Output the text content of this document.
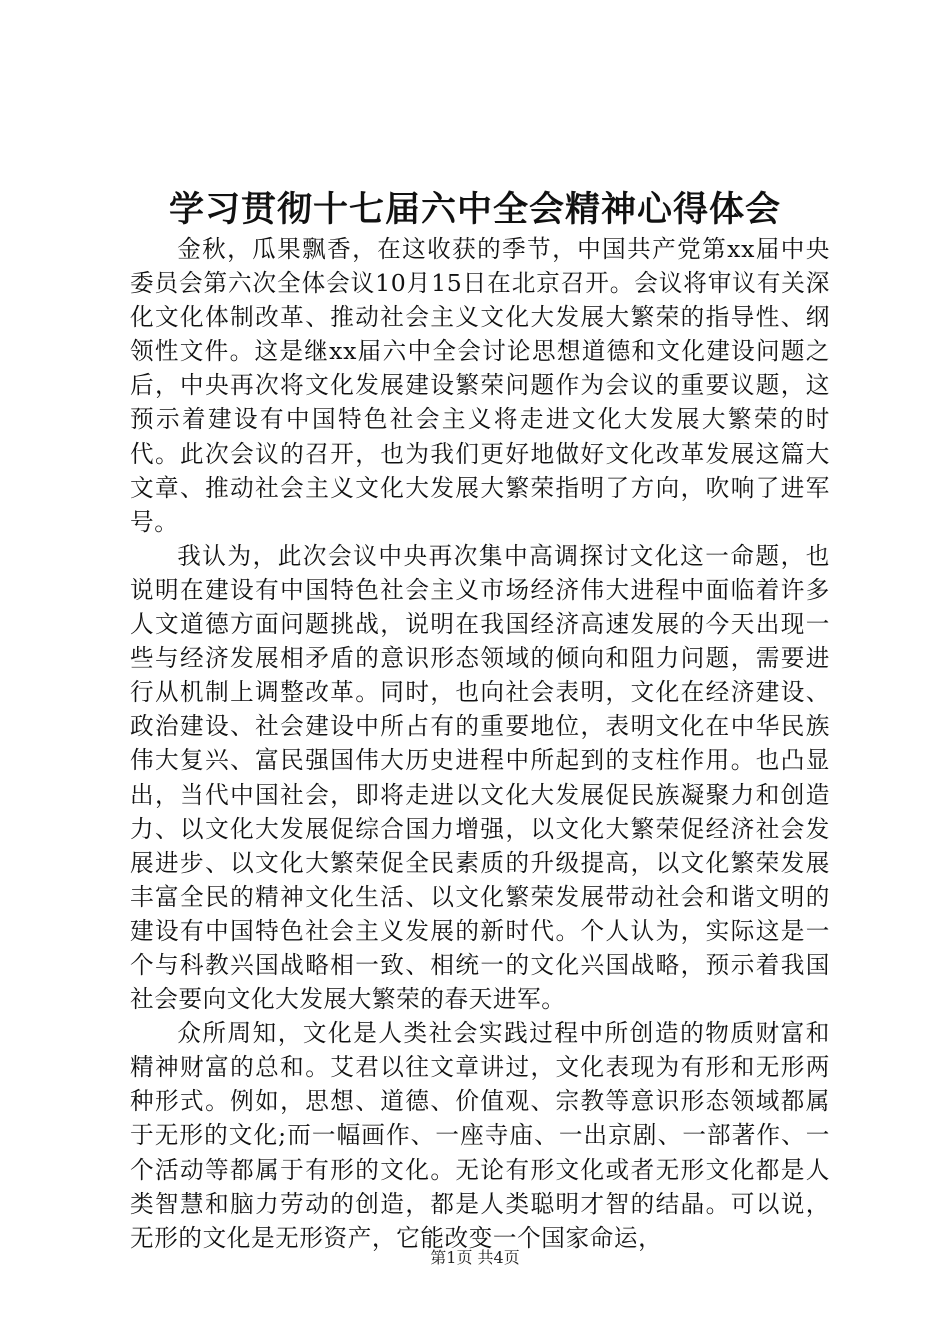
学习贯彻十七届六中全会精神心得体会

金秋，瓜果飘香，在这收获的季节，中国共产党第xx届中央委员会第六次全体会议10月15日在北京召开。会议将审议有关深化文化体制改革、推动社会主义文化大发展大繁荣的指导性、纲领性文件。这是继xx届六中全会讨论思想道德和文化建设问题之后，中央再次将文化发展建设繁荣问题作为会议的重要议题，这预示着建设有中国特色社会主义将走进文化大发展大繁荣的时代。此次会议的召开，也为我们更好地做好文化改革发展这篇大文章、推动社会主义文化大发展大繁荣指明了方向，吹响了进军号。

我认为，此次会议中央再次集中高调探讨文化这一命题，也说明在建设有中国特色社会主义市场经济伟大进程中面临着许多人文道德方面问题挑战，说明在我国经济高速发展的今天出现一些与经济发展相矛盾的意识形态领域的倾向和阻力问题，需要进行从机制上调整改革。同时，也向社会表明，文化在经济建设、政治建设、社会建设中所占有的重要地位，表明文化在中华民族伟大复兴、富民强国伟大历史进程中所起到的支柱作用。也凸显出，当代中国社会，即将走进以文化大发展促民族凝聚力和创造力、以文化大发展促综合国力增强，以文化大繁荣促经济社会发展进步、以文化大繁荣促全民素质的升级提高，以文化繁荣发展丰富全民的精神文化生活、以文化繁荣发展带动社会和谐文明的建设有中国特色社会主义发展的新时代。个人认为，实际这是一个与科教兴国战略相一致、相统一的文化兴国战略，预示着我国社会要向文化大发展大繁荣的春天进军。

众所周知，文化是人类社会实践过程中所创造的物质财富和精神财富的总和。艾君以往文章讲过，文化表现为有形和无形两种形式。例如，思想、道德、价值观、宗教等意识形态领域都属于无形的文化;而一幅画作、一座寺庙、一出京剧、一部著作、一个活动等都属于有形的文化。无论有形文化或者无形文化都是人类智慧和脑力劳动的创造，都是人类聪明才智的结晶。可以说，无形的文化是无形资产，它能改变一个国家命运，

第1页 共4页
